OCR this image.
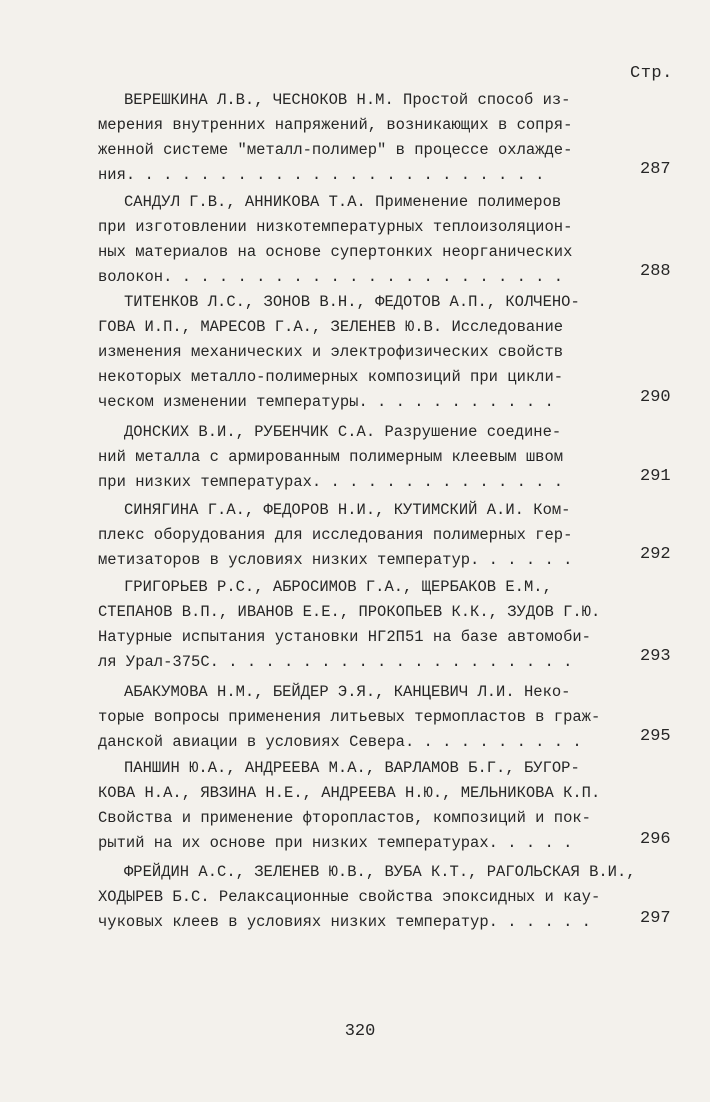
Стр.
ВЕРЕШКИНА Л.В., ЧЕСНОКОВ Н.М. Простой способ из-
мерения внутренних напряжений, возникающих в сопря-
женной системе "металл-полимер" в процессе охлажде-
ния. . . . . . . . . . . . . . . . . . . . . . .	287
САНДУЛ Г.В., АННИКОВА Т.А. Применение полимеров
при изготовлении низкотемпературных теплоизоляцион-
ных материалов на основе супертонких неорганических
волокон. . . . . . . . . . . . . . . . . . . . . .	288
ТИТЕНКОВ Л.С., ЗОНОВ В.Н., ФЕДОТОВ А.П., КОЛЧЕНО-
ГОВА И.П., МАРЕСОВ Г.А., ЗЕЛЕНЕВ Ю.В. Исследование
изменения механических и электрофизических свойств
некоторых металло-полимерных композиций при цикли-
ческом изменении температуры. . . . . . . . . . .	290
ДОНСКИХ В.И., РУБЕНЧИК С.А. Разрушение соедине-
ний металла с армированным полимерным клеевым швом
при низких температурах. . . . . . . . . . . . . .	291
СИНЯГИНА Г.А., ФЕДОРОВ Н.И., КУТИМСКИЙ А.И. Ком-
плекс оборудования для исследования полимерных гер-
метизаторов в условиях низких температур. . . . . .	292
ГРИГОРЬЕВ Р.С., АБРОСИМОВ Г.А., ЩЕРБАКОВ Е.М.,
СТЕПАНОВ В.П., ИВАНОВ Е.Е., ПРОКОПЬЕВ К.К., ЗУДОВ Г.Ю.
Натурные испытания установки НГ2П51 на базе автомоби-
ля Урал-375С. . . . . . . . . . . . . . . . . . . .	293
АБАКУМОВА Н.М., БЕЙДЕР Э.Я., КАНЦЕВИЧ Л.И. Неко-
торые вопросы применения литьевых термопластов в граж-
данской авиации в условиях Севера. . . . . . . . . .	295
ПАНШИН Ю.А., АНДРЕЕВА М.А., ВАРЛАМОВ Б.Г., БУГОР-
КОВА Н.А., ЯВЗИНА Н.Е., АНДРЕЕВА Н.Ю., МЕЛЬНИКОВА К.П.
Свойства и применение фторопластов, композиций и пок-
рытий на их основе при низких температурах. . . . .	296
ФРЕЙДИН А.С., ЗЕЛЕНЕВ Ю.В., ВУБА К.Т., РАГОЛЬСКАЯ В.И.,
ХОДЫРЕВ Б.С. Релаксационные свойства эпоксидных и кау-
чуковых клеев в условиях низких температур. . . . . .	297
320
